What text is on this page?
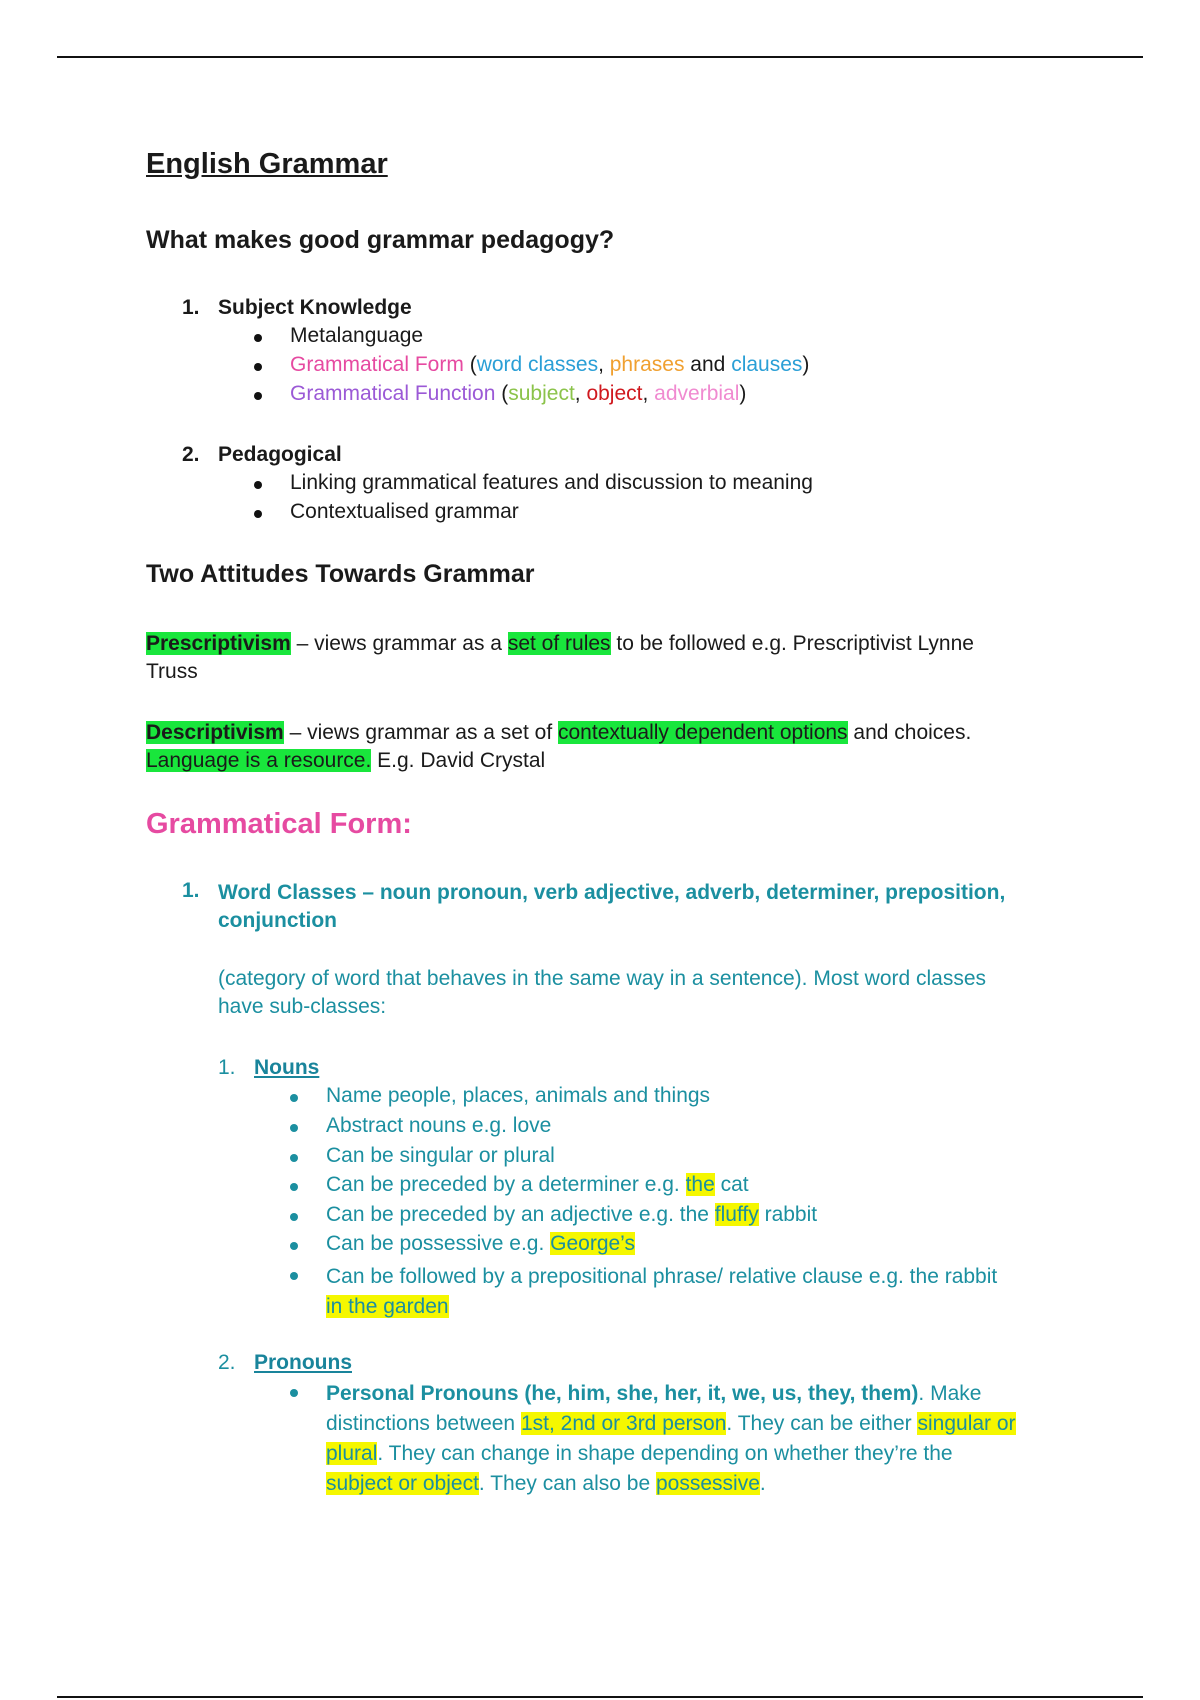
English Grammar
What makes good grammar pedagogy?
1. Subject Knowledge
Metalanguage
Grammatical Form (word classes, phrases and clauses)
Grammatical Function (subject, object, adverbial)
2. Pedagogical
Linking grammatical features and discussion to meaning
Contextualised grammar
Two Attitudes Towards Grammar
Prescriptivism – views grammar as a set of rules to be followed e.g. Prescriptivist Lynne
Truss
Descriptivism – views grammar as a set of contextually dependent options and choices.
Language is a resource. E.g. David Crystal
Grammatical Form:
1. Word Classes – noun pronoun, verb adjective, adverb, determiner, preposition,
conjunction
(category of word that behaves in the same way in a sentence). Most word classes
have sub-classes:
1. Nouns
Name people, places, animals and things
Abstract nouns e.g. love
Can be singular or plural
Can be preceded by a determiner e.g. the cat
Can be preceded by an adjective e.g. the fluffy rabbit
Can be possessive e.g. George’s
Can be followed by a prepositional phrase/ relative clause e.g. the rabbit
in the garden
2. Pronouns
Personal Pronouns (he, him, she, her, it, we, us, they, them). Make
distinctions between 1st, 2nd or 3rd person. They can be either singular or
plural. They can change in shape depending on whether they’re the
subject or object. They can also be possessive.
